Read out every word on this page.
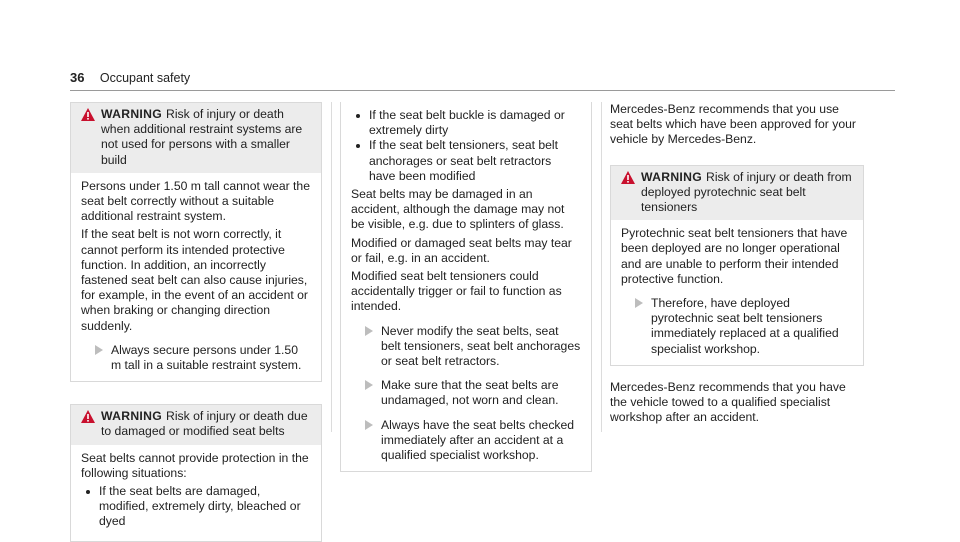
36 Occupant safety
WARNING Risk of injury or death when additional restraint systems are not used for persons with a smaller build

Persons under 1.50 m tall cannot wear the seat belt correctly without a suitable additional restraint system.

If the seat belt is not worn correctly, it cannot perform its intended protective function. In addition, an incorrectly fastened seat belt can also cause injuries, for example, in the event of an accident or when braking or changing direction suddenly.

Always secure persons under 1.50 m tall in a suitable restraint system.
WARNING Risk of injury or death due to damaged or modified seat belts

Seat belts cannot provide protection in the following situations:

If the seat belts are damaged, modified, extremely dirty, bleached or dyed
If the seat belt buckle is damaged or extremely dirty
If the seat belt tensioners, seat belt anchorages or seat belt retractors have been modified

Seat belts may be damaged in an accident, although the damage may not be visible, e.g. due to splinters of glass.

Modified or damaged seat belts may tear or fail, e.g. in an accident.

Modified seat belt tensioners could accidentally trigger or fail to function as intended.

Never modify the seat belts, seat belt tensioners, seat belt anchorages or seat belt retractors.
Make sure that the seat belts are undamaged, not worn and clean.
Always have the seat belts checked immediately after an accident at a qualified specialist workshop.

Mercedes-Benz recommends that you use seat belts which have been approved for your vehicle by Mercedes-Benz.

WARNING Risk of injury or death from deployed pyrotechnic seat belt tensioners

Pyrotechnic seat belt tensioners that have been deployed are no longer operational and are unable to perform their intended protective function.

Therefore, have deployed pyrotechnic seat belt tensioners immediately replaced at a qualified specialist workshop.

Mercedes-Benz recommends that you have the vehicle towed to a qualified specialist workshop after an accident.
